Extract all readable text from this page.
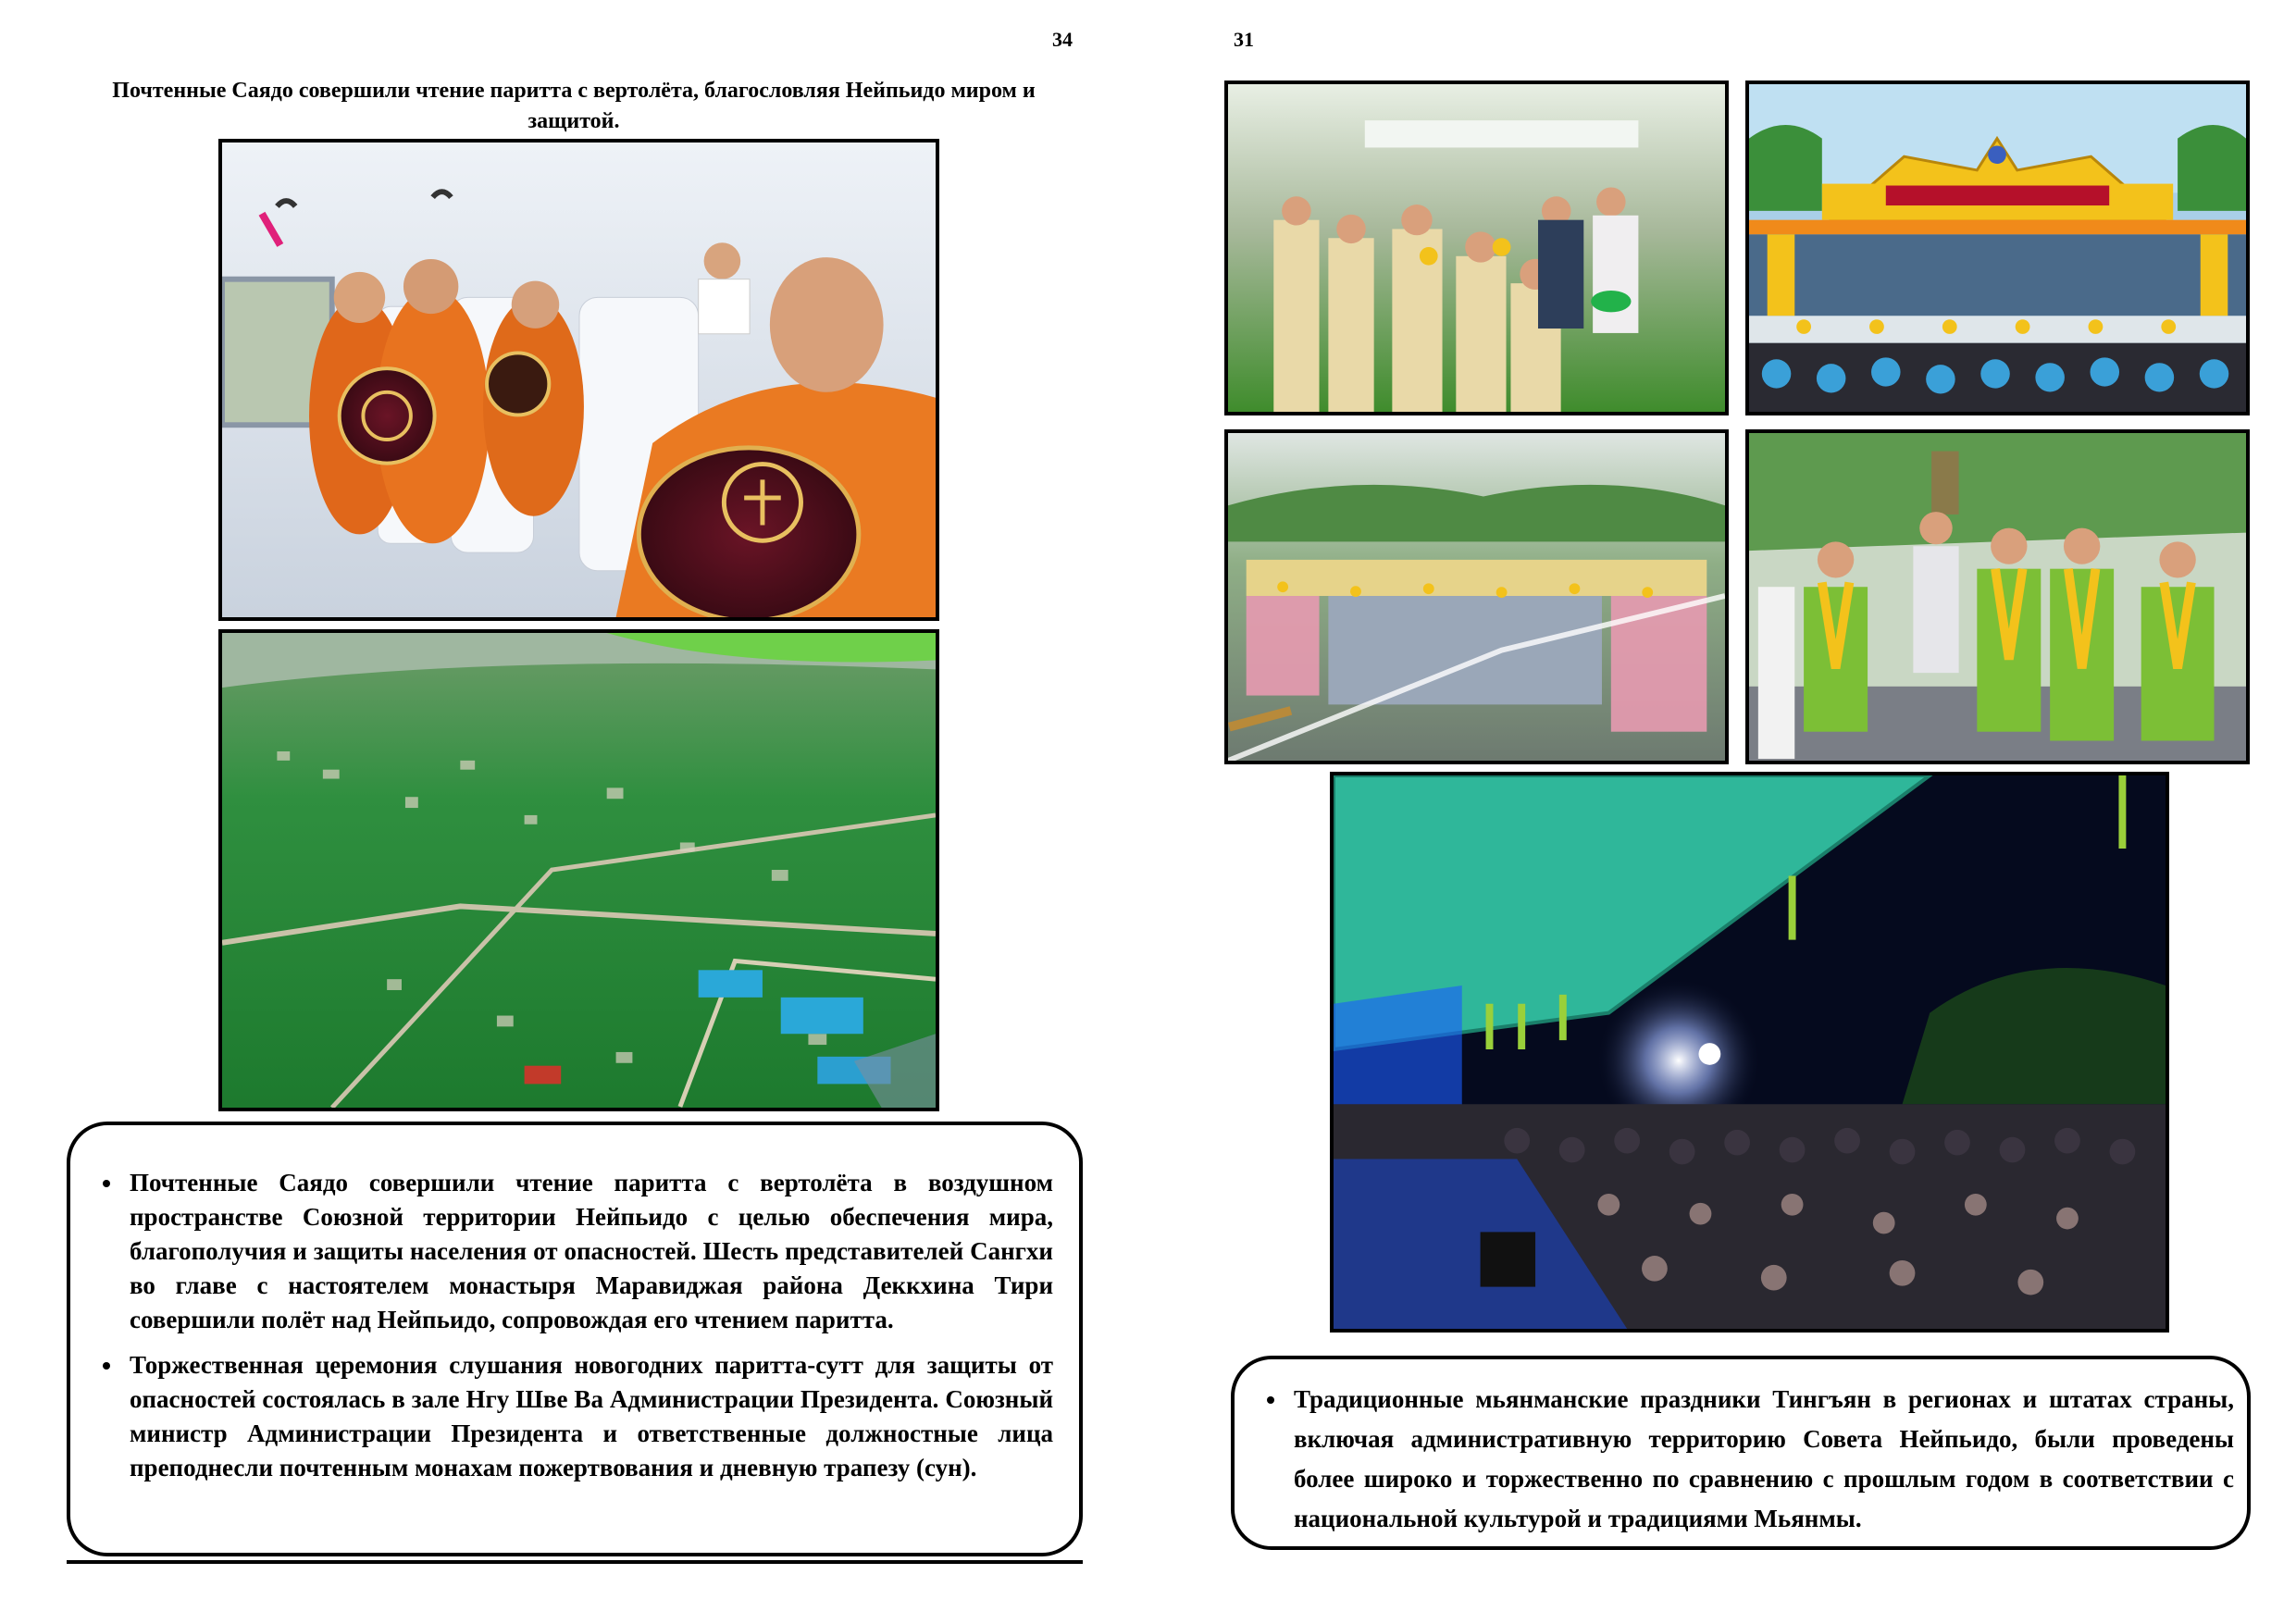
34
Почтенные Саядо совершили чтение паритта с вертолёта, благословляя Нейпьидо миром и защитой.
• Почтенные Саядо совершили чтение паритта с вертолёта в воздушном пространстве Союзной территории Нейпьидо с целью обеспечения мира, благополучия и защиты населения от опасностей. Шесть представителей Сангхи во главе с настоятелем монастыря Маравиджая района Деккхина Тири совершили полёт над Нейпьидо, сопровождая его чтением паритта.
• Торжественная церемония слушания новогодних паритта-сутт для защиты от опасностей состоялась в зале Нгу Шве Ва Администрации Президента. Союзный министр Администрации Президента и ответственные должностные лица преподнесли почтенным монахам пожертвования и дневную трапезу (сун).
31
• Традиционные мьянманские праздники Тингъян в регионах и штатах страны, включая административную территорию Совета Нейпьидо, были проведены более широко и торжественно по сравнению с прошлым годом в соответствии с национальной культурой и традициями Мьянмы.
